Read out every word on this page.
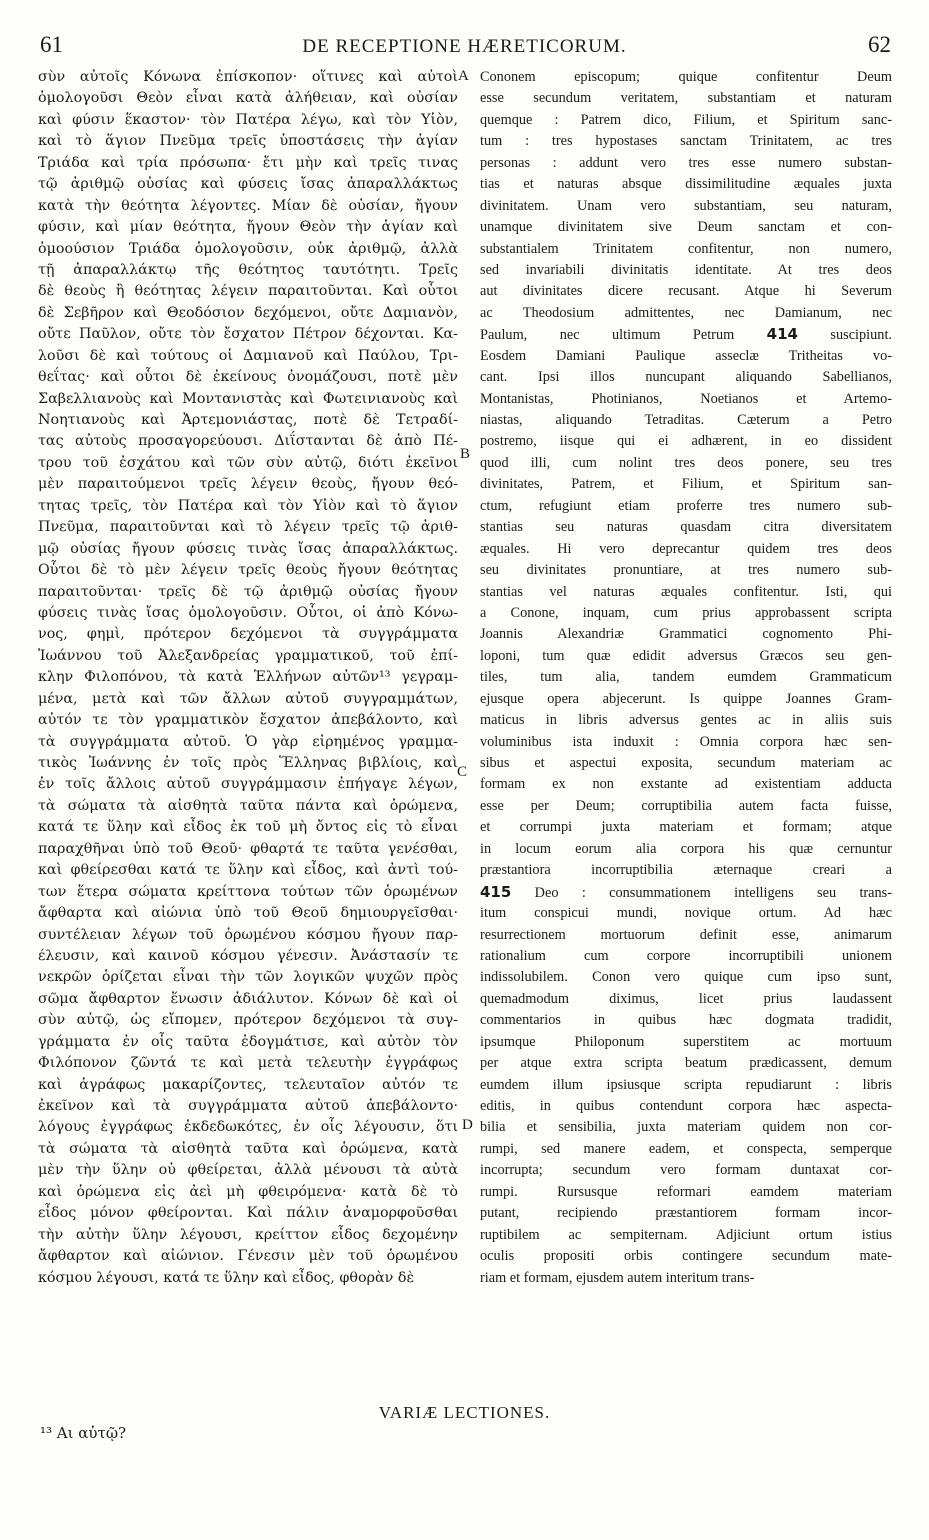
61	DE RECEPTIONE HÆRETICORUM.	62
σὺν αὐτοῖς Κόνωνα ἐπίσκοπον· οἵτινες καὶ αὐτοὶ
ὁμολογοῦσι Θεὸν εἶναι κατὰ ἀλήθειαν, καὶ οὐσίαν
καὶ φύσιν ἕκαστον· τὸν Πατέρα λέγω, καὶ τὸν Υἱὸν,
καὶ τὸ ἅγιον Πνεῦμα τρεῖς ὑποστάσεις τὴν ἁγίαν
Τριάδα καὶ τρία πρόσωπα· ἔτι μὴν καὶ τρεῖς τινας
τῷ ἀριθμῷ οὐσίας καὶ φύσεις ἴσας ἀπαραλλάκτως
κατὰ τὴν θεότητα λέγοντες. Μίαν δὲ οὐσίαν, ἤγουν
φύσιν, καὶ μίαν θεότητα, ἤγουν Θεὸν τὴν ἁγίαν καὶ
ὁμοούσιον Τριάδα ὁμολογοῦσιν, οὐκ ἀριθμῷ, ἀλλὰ
τῇ ἀπαραλλάκτῳ τῆς θεότητος ταυτότητι. Τρεῖς
δὲ θεοὺς ἢ θεότητας λέγειν παραιτοῦνται. Καὶ οὗτοι
δὲ Σεβῆρον καὶ Θεοδόσιον δεχόμενοι, οὔτε Δαμιανὸν,
οὔτε Παῦλον, οὔτε τὸν ἔσχατον Πέτρον δέχονται. Κα-
λοῦσι δὲ καὶ τούτους οἱ Δαμιανοῦ καὶ Παύλου, Τρι-
θεΐτας· καὶ οὗτοι δὲ ἐκείνους ὀνομάζουσι, ποτὲ μὲν
Σαβελλιανοὺς καὶ Μοντανιστὰς καὶ Φωτεινιανοὺς καὶ
Νοητιανοὺς καὶ Ἀρτεμονιάστας, ποτὲ δὲ Τετραδί-
τας αὐτοὺς προσαγορεύουσι. Διΐστανται δὲ ἀπὸ Πέ-
τρου τοῦ ἐσχάτου καὶ τῶν σὺν αὐτῷ, διότι ἐκεῖνοι
μὲν παραιτούμενοι τρεῖς λέγειν θεοὺς, ἤγουν θεό-
τητας τρεῖς, τὸν Πατέρα καὶ τὸν Υἱὸν καὶ τὸ ἅγιον
Πνεῦμα, παραιτοῦνται καὶ τὸ λέγειν τρεῖς τῷ ἀριθ-
μῷ οὐσίας ἤγουν φύσεις τινὰς ἴσας ἀπαραλλάκτως.
Οὗτοι δὲ τὸ μὲν λέγειν τρεῖς θεοὺς ἤγουν θεότητας
παραιτοῦνται· τρεῖς δὲ τῷ ἀριθμῷ οὐσίας ἤγουν
φύσεις τινὰς ἴσας ὁμολογοῦσιν. Οὗτοι, οἱ ἀπὸ Κόνω-
νος, φημὶ, πρότερον δεχόμενοι τὰ συγγράμματα
Ἰωάννου τοῦ Ἀλεξανδρείας γραμματικοῦ, τοῦ ἐπί-
κλην Φιλοπόνου, τὰ κατὰ Ἑλλήνων αὐτῶν¹³ γεγραμ-
μένα, μετὰ καὶ τῶν ἄλλων αὐτοῦ συγγραμμάτων,
αὐτόν τε τὸν γραμματικὸν ἔσχατον ἀπεβάλοντο, καὶ
τὰ συγγράμματα αὐτοῦ. Ὁ γὰρ εἰρημένος γραμμα-
τικὸς Ἰωάννης ἐν τοῖς πρὸς Ἕλληνας βιβλίοις, καὶ
ἐν τοῖς ἄλλοις αὐτοῦ συγγράμμασιν ἐπήγαγε λέγων,
τὰ σώματα τὰ αἰσθητὰ ταῦτα πάντα καὶ ὁρώμενα,
κατά τε ὕλην καὶ εἶδος ἐκ τοῦ μὴ ὄντος εἰς τὸ εἶναι
παραχθῆναι ὑπὸ τοῦ Θεοῦ· φθαρτά τε ταῦτα γενέσθαι,
καὶ φθείρεσθαι κατά τε ὕλην καὶ εἶδος, καὶ ἀντὶ τού-
των ἕτερα σώματα κρείττονα τούτων τῶν ὁρωμένων
ἄφθαρτα καὶ αἰώνια ὑπὸ τοῦ Θεοῦ δημιουργεῖσθαι·
συντέλειαν λέγων τοῦ ὁρωμένου κόσμου ἤγουν παρ-
έλευσιν, καὶ καινοῦ κόσμου γένεσιν. Ἀνάστασίν τε
νεκρῶν ὁρίζεται εἶναι τὴν τῶν λογικῶν ψυχῶν πρὸς
σῶμα ἄφθαρτον ἕνωσιν ἀδιάλυτον. Κόνων δὲ καὶ οἱ
σὺν αὐτῷ, ὡς εἴπομεν, πρότερον δεχόμενοι τὰ συγ-
γράμματα ἐν οἷς ταῦτα ἐδογμάτισε, καὶ αὐτὸν τὸν
Φιλόπονον ζῶντά τε καὶ μετὰ τελευτὴν ἐγγράφως
καὶ ἀγράφως μακαρίζοντες, τελευταῖον αὐτόν τε
ἐκεῖνον καὶ τὰ συγγράμματα αὐτοῦ ἀπεβάλοντο·
λόγους ἐγγράφως ἐκδεδωκότες, ἐν οἷς λέγουσιν, ὅτι
τὰ σώματα τὰ αἰσθητὰ ταῦτα καὶ ὁρώμενα, κατὰ
μὲν τὴν ὕλην οὐ φθείρεται, ἀλλὰ μένουσι τὰ αὐτὰ
καὶ ὁρώμενα εἰς ἀεὶ μὴ φθειρόμενα· κατὰ δὲ τὸ
εἶδος μόνον φθείρονται. Καὶ πάλιν ἀναμορφοῦσθαι
τὴν αὐτὴν ὕλην λέγουσι, κρείττον εἶδος δεχομένην
ἄφθαρτον καὶ αἰώνιον. Γένεσιν μὲν τοῦ ὁρωμένου
κόσμου λέγουσι, κατά τε ὕλην καὶ εἶδος, φθορὰν δὲ
Cononem episcopum; quique confitentur Deum
esse secundum veritatem, substantiam et naturam
quemque : Patrem dico, Filium, et Spiritum sanc-
tum : tres hypostases sanctam Trinitatem, ac tres
personas : addunt vero tres esse numero substan-
tias et naturas absque dissimilitudine æquales juxta
divinitatem. Unam vero substantiam, seu naturam,
unamque divinitatem sive Deum sanctam et con-
substantialem Trinitatem confitentur, non numero,
sed invariabili divinitatis identitate. At tres deos
aut divinitates dicere recusant. Atque hi Severum
ac Theodosium admittentes, nec Damianum, nec
Paulum, nec ultimum Petrum 414 suscipiunt.
Eosdem Damiani Paulique asseclæ Tritheitas vo-
cant. Ipsi illos nuncupant aliquando Sabellianos,
Montanistas, Photinianos, Noetianos et Artemo-
niastas, aliquando Tetraditas. Cæterum a Petro
postremo, iisque qui ei adhærent, in eo dissident
quod illi, cum nolint tres deos ponere, seu tres
divinitates, Patrem, et Filium, et Spiritum san-
ctum, refugiunt etiam proferre tres numero sub-
stantias seu naturas quasdam citra diversitatem
æquales. Hi vero deprecantur quidem tres deos
seu divinitates pronuntiare, at tres numero sub-
stantias vel naturas æquales confitentur. Isti, qui
a Conone, inquam, cum prius approbassent scripta
Joannis Alexandriæ Grammatici cognomento Phi-
loponi, tum quæ edidit adversus Græcos seu gen-
tiles, tum alia, tandem eumdem Grammaticum
ejusque opera abjecerunt. Is quippe Joannes Gram-
maticus in libris adversus gentes ac in aliis suis
voluminibus ista induxit : Omnia corpora hæc sen-
sibus et aspectui exposita, secundum materiam ac
formam ex non exstante ad existentiam adducta
esse per Deum; corruptibilia autem facta fuisse,
et corrumpi juxta materiam et formam; atque
in locum eorum alia corpora his quæ cernuntur
præstantiora incorruptibilia æternaque creari a
415 Deo : consummationem intelligens seu trans-
itum conspicui mundi, novique ortum. Ad hæc
resurrectionem mortuorum definit esse, animarum
rationalium cum corpore incorruptibili unionem
indissolubilem. Conon vero quique cum ipso sunt,
quemadmodum diximus, licet prius laudassent
commentarios in quibus hæc dogmata tradidit,
ipsumque Philoponum superstitem ac mortuum
per atque extra scripta beatum prædicassent, demum
eumdem illum ipsiusque scripta repudiarunt : libris
editis, in quibus contendunt corpora hæc aspecta-
bilia et sensibilia, juxta materiam quidem non cor-
rumpi, sed manere eadem, et conspecta, semperque
incorrupta; secundum vero formam duntaxat cor-
rumpi. Rursusque reformari eamdem materiam
putant, recipiendo præstantiorem formam incor-
ruptibilem ac sempiternam. Adjiciunt ortum istius
oculis propositi orbis contingere secundum mate-
riam et formam, ejusdem autem interitum trans-
A
B
C
D
VARIÆ LECTIONES.
¹³ Αι αὐτῷ?
